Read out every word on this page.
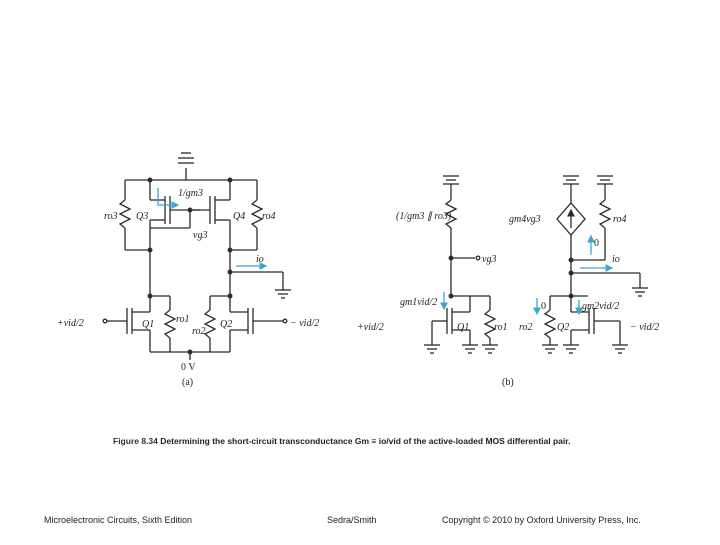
ro3 Q3	Q4 ro4
1/gm3
vg3
io
Q1	Q2
ro1
ro2
+vid/2	− vid/2
0 V
(a)
(1/gm3 ∥ ro3)
vg3
gm1vid/2
Q1 ro1
+vid/2
gm4vg3	ro4
0
io
0	gm2vid/2
ro2 Q2	− vid/2
(b)
Figure 8.34 Determining the short-circuit transconductance Gm ≡ io/vid of the active-loaded MOS differential pair.
Microelectronic Circuits, Sixth Edition	Sedra/Smith	Copyright © 2010 by Oxford University Press, Inc.
